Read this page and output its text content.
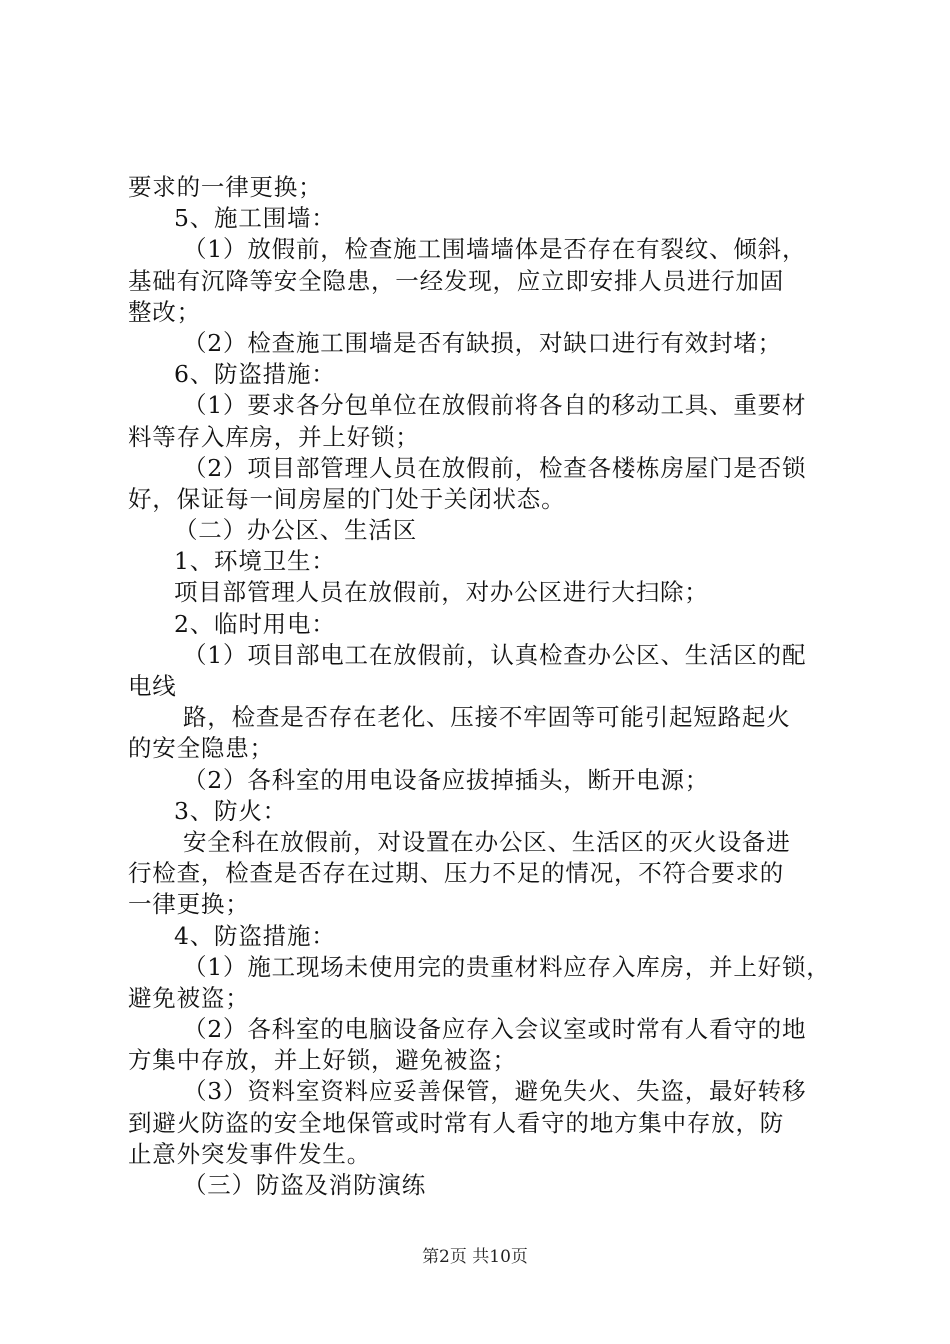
要求的一律更换；
5、施工围墙：
（1）放假前，检查施工围墙墙体是否存在有裂纹、倾斜，
基础有沉降等安全隐患，一经发现，应立即安排人员进行加固
整改；
（2）检查施工围墙是否有缺损，对缺口进行有效封堵；
6、防盗措施：
（1）要求各分包单位在放假前将各自的移动工具、重要材
料等存入库房，并上好锁；
（2）项目部管理人员在放假前，检查各楼栋房屋门是否锁
好，保证每一间房屋的门处于关闭状态。
（二）办公区、生活区
1、环境卫生：
项目部管理人员在放假前，对办公区进行大扫除；
2、临时用电：
（1）项目部电工在放假前，认真检查办公区、生活区的配
电线
路，检查是否存在老化、压接不牢固等可能引起短路起火
的安全隐患；
（2）各科室的用电设备应拔掉插头，断开电源；
3、防火：
安全科在放假前，对设置在办公区、生活区的灭火设备进
行检查，检查是否存在过期、压力不足的情况，不符合要求的
一律更换；
4、防盗措施：
（1）施工现场未使用完的贵重材料应存入库房，并上好锁，
避免被盗；
（2）各科室的电脑设备应存入会议室或时常有人看守的地
方集中存放，并上好锁，避免被盗；
（3）资料室资料应妥善保管，避免失火、失盗，最好转移
到避火防盗的安全地保管或时常有人看守的地方集中存放，防
止意外突发事件发生。
（三）防盗及消防演练
第2页 共10页
